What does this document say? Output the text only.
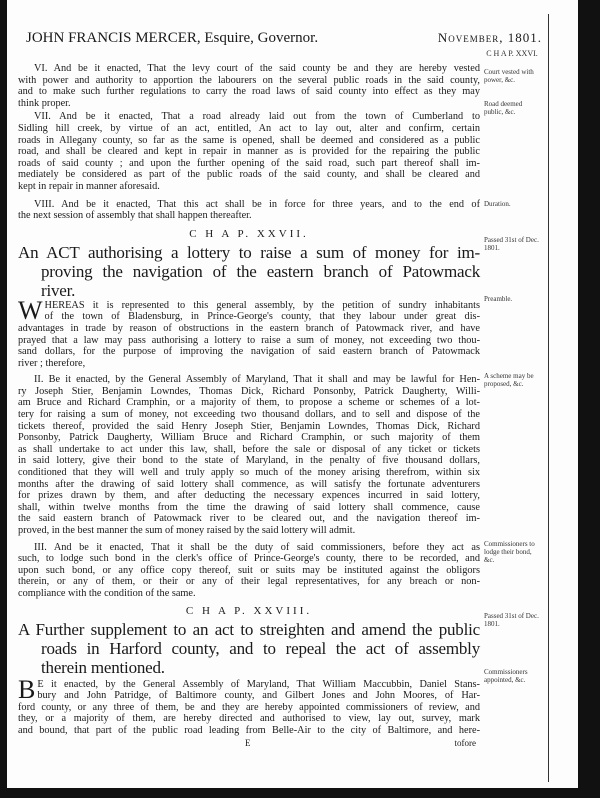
JOHN FRANCIS MERCER, Esquire, Governor.	November, 1801.
VI. And be it enacted, That the levy court of the said county be and they are hereby vested
with power and authority to apportion the labourers on the several public roads in the said county,
and to make such further regulations to carry the road laws of said county into effect as they may
think proper.
VII. And be it enacted, That a road already laid out from the town of Cumberland to
Sidling hill creek, by virtue of an act, entitled, An act to lay out, alter and confirm, certain
roads in Allegany county, so far as the same is opened, shall be deemed and considered as a public
road, and shall be cleared and kept in repair in manner as is provided for the repairing the public
roads of said county ; and upon the further opening of the said road, such part thereof shall im-
mediately be considered as part of the public roads of the said county, and shall be cleared and
kept in repair in manner aforesaid.
VIII. And be it enacted, That this act shall be in force for three years, and to the end of
the next session of assembly that shall happen thereafter.
C H A P. XXVII.
An ACT authorising a lottery to raise a sum of money for im-
proving the navigation of the eastern branch of Patowmack
river.
W HEREAS it is represented to this general assembly, by the petition of sundry inhabitants
of the town of Bladensburg, in Prince-George's county, that they labour under great dis-
advantages in trade by reason of obstructions in the eastern branch of Patowmack river, and have
prayed that a law may pass authorising a lottery to raise a sum of money, not exceeding two thou-
sand dollars, for the purpose of improving the navigation of said eastern branch of Patowmack
river ; therefore,
II. Be it enacted, by the General Assembly of Maryland, That it shall and may be lawful for Hen-
ry Joseph Stier, Benjamin Lowndes, Thomas Dick, Richard Ponsonby, Patrick Daugherty, Willi-
am Bruce and Richard Cramphin, or a majority of them, to propose a scheme or schemes of a lot-
tery for raising a sum of money, not exceeding two thousand dollars, and to sell and dispose of the
tickets thereof, provided the said Henry Joseph Stier, Benjamin Lowndes, Thomas Dick, Richard
Ponsonby, Patrick Daugherty, William Bruce and Richard Cramphin, or such majority of them
as shall undertake to act under this law, shall, before the sale or disposal of any ticket or tickets
in said lottery, give their bond to the state of Maryland, in the penalty of five thousand dollars,
conditioned that they will well and truly apply so much of the money arising therefrom, within six
months after the drawing of said lottery shall commence, as will satisfy the fortunate adventurers
for prizes drawn by them, and after deducting the necessary expences incurred in said lottery,
shall, within twelve months from the time the drawing of said lottery shall commence, cause
the said eastern branch of Patowmack river to be cleared out, and the navigation thereof im-
proved, in the best manner the sum of money raised by the said lottery will admit.
III. And be it enacted, That it shall be the duty of said commissioners, before they act as
such, to lodge such bond in the clerk's office of Prince-George's county, there to be recorded, and
upon such bond, or any office copy thereof, suit or suits may be instituted against the obligors
therein, or any of them, or their or any of their legal representatives, for any breach or non-
compliance with the condition of the same.
C H A P. XXVIII.
A Further supplement to an act to streighten and amend the public
roads in Harford county, and to repeal the act of assembly
therein mentioned.
B E it enacted, by the General Assembly of Maryland, That William Maccubbin, Daniel Stans-
bury and John Patridge, of Baltimore county, and Gilbert Jones and John Moores, of Har-
ford county, or any three of them, be and they are hereby appointed commissioners of review, and
they, or a majority of them, are hereby directed and authorised to view, lay out, survey, mark
and bound, that part of the public road leading from Belle-Air to the city of Baltimore, and here-
E	tofore
C H A P. XXVI.
Court vested with power, &c.
Road deemed public, &c.
Duration.
Passed 31st of Dec. 1801.
Preamble.
A scheme may be proposed, &c.
Commissioners to lodge their bond, &c.
Passed 31st of Dec. 1801.
Commissioners appointed, &c.
